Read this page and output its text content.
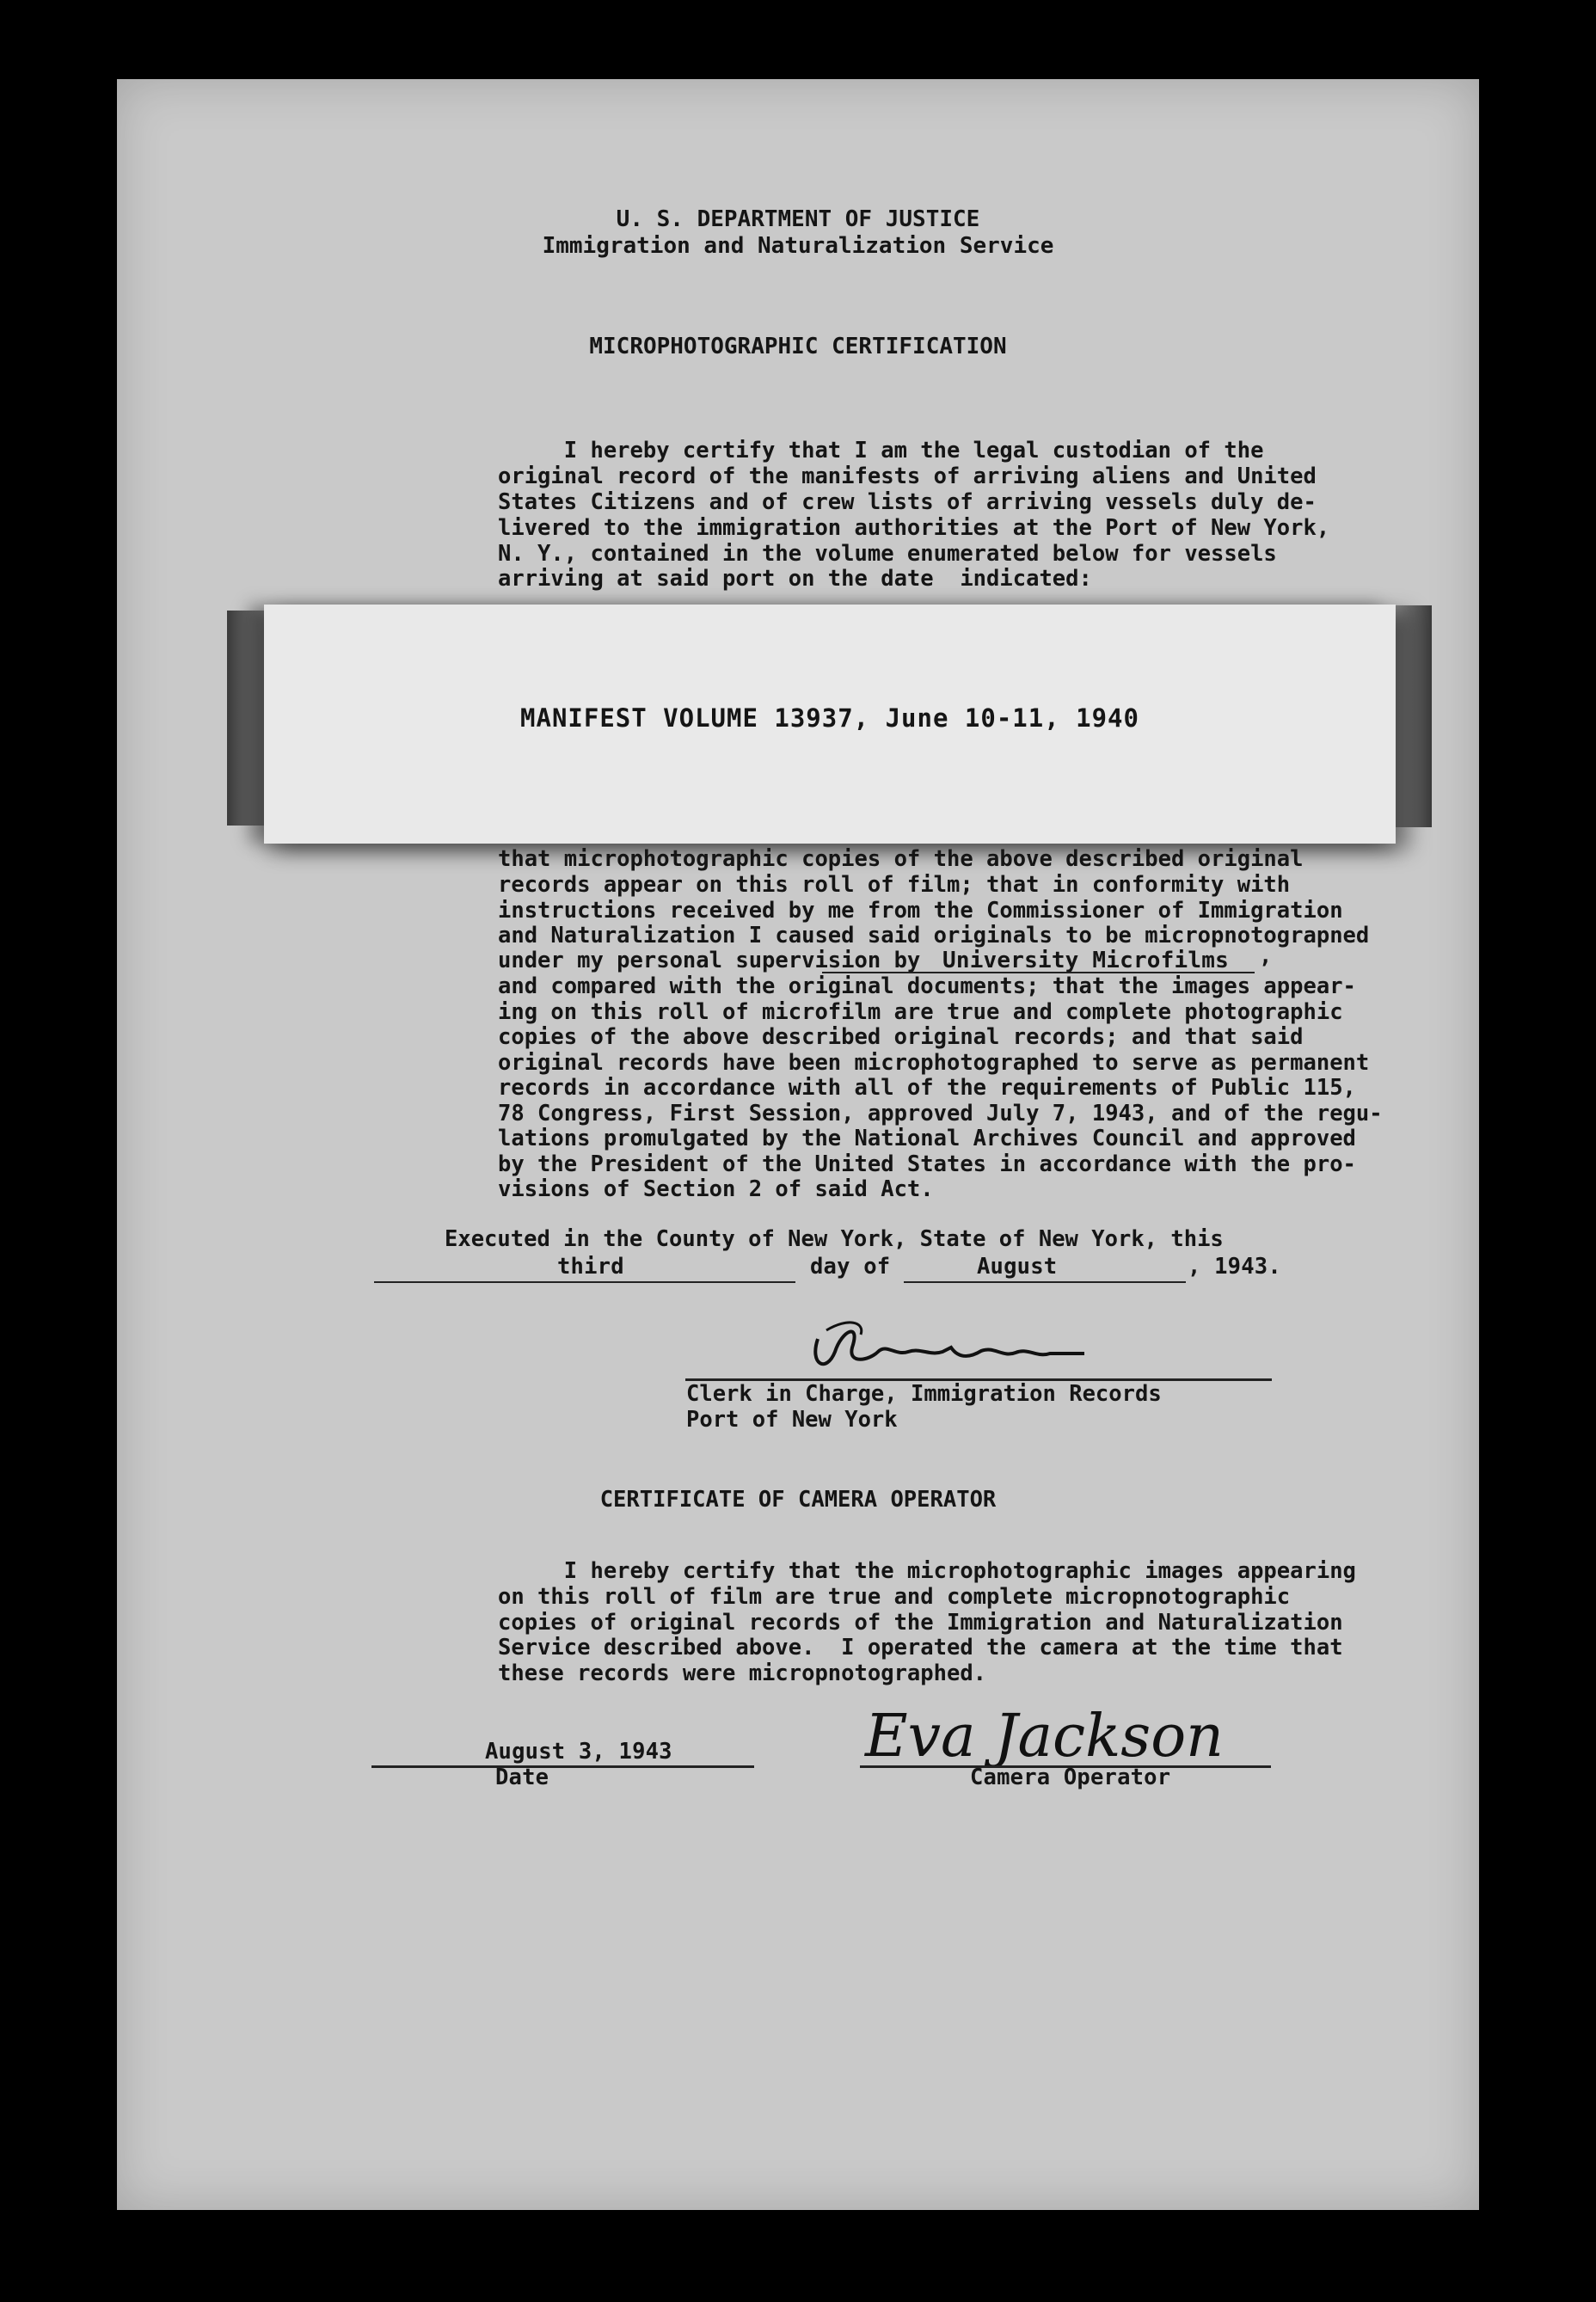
U. S. DEPARTMENT OF JUSTICE
Immigration and Naturalization Service
MICROPHOTOGRAPHIC CERTIFICATION
I hereby certify that I am the legal custodian of the
original record of the manifests of arriving aliens and United
States Citizens and of crew lists of arriving vessels duly de-
livered to the immigration authorities at the Port of New York,
N. Y., contained in the volume enumerated below for vessels
arriving at said port on the date  indicated:
MANIFEST VOLUME 13937, June 10-11, 1940
that microphotographic copies of the above described original
records appear on this roll of film; that in conformity with
instructions received by me from the Commissioner of Immigration
and Naturalization I caused said originals to be micropnotograpned
under my personal supervision by University Microfilms ,
and compared with the original documents; that the images appear-
ing on this roll of microfilm are true and complete photographic
copies of the above described original records; and that said
original records have been microphotographed to serve as permanent
records in accordance with all of the requirements of Public 115,
78 Congress, First Session, approved July 7, 1943, and of the regu-
lations promulgated by the National Archives Council and approved
by the President of the United States in accordance with the pro-
visions of Section 2 of said Act.
Executed in the County of New York, State of New York, this
third	day of	August	, 1943.
Clerk in Charge, Immigration Records
Port of New York
CERTIFICATE OF CAMERA OPERATOR
I hereby certify that the microphotographic images appearing
on this roll of film are true and complete micropnotographic
copies of original records of the Immigration and Naturalization
Service described above.  I operated the camera at the time that
these records were micropnotographed.
August 3, 1943
Date
Eva Jackson
Camera Operator
